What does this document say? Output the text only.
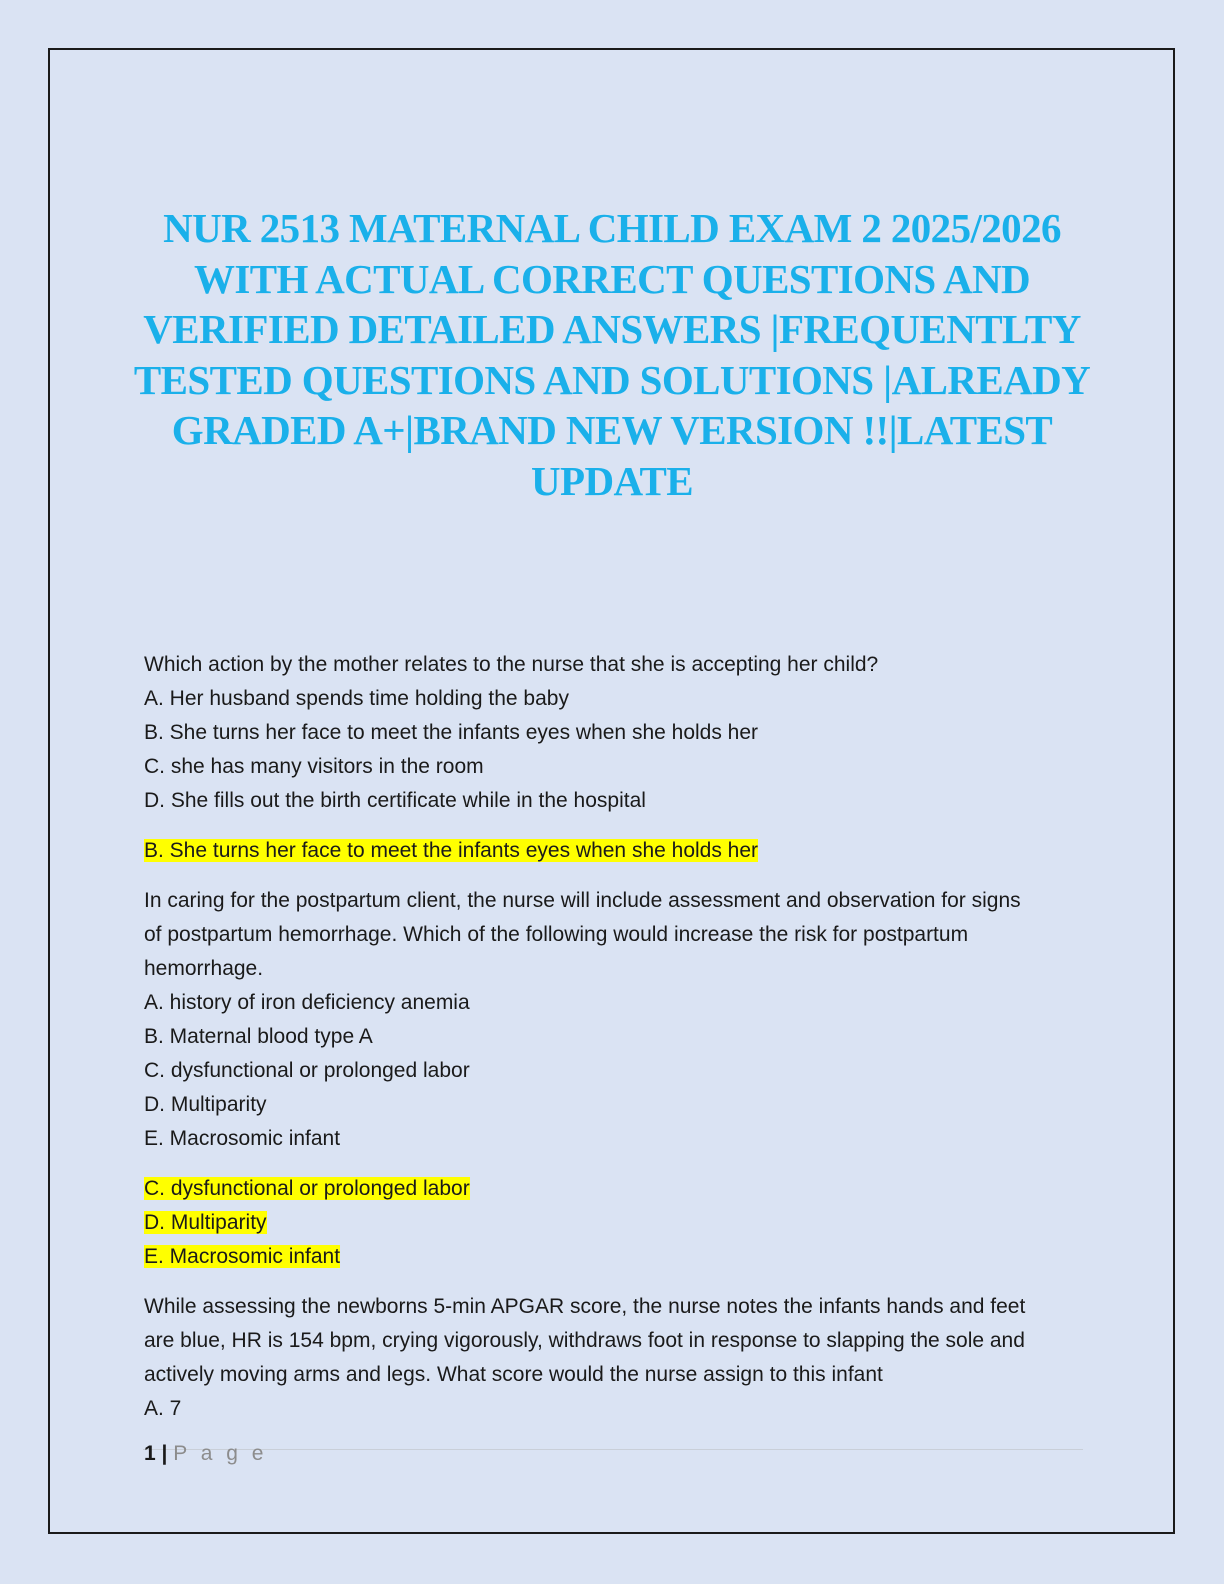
NUR 2513 MATERNAL CHILD EXAM 2 2025/2026 WITH ACTUAL CORRECT QUESTIONS AND VERIFIED DETAILED ANSWERS |FREQUENTLTY TESTED QUESTIONS AND SOLUTIONS |ALREADY GRADED A+|BRAND NEW VERSION !!|LATEST UPDATE
Which action by the mother relates to the nurse that she is accepting her child?
A. Her husband spends time holding the baby
B. She turns her face to meet the infants eyes when she holds her
C. she has many visitors in the room
D. She fills out the birth certificate while in the hospital
B. She turns her face to meet the infants eyes when she holds her
In caring for the postpartum client, the nurse will include assessment and observation for signs
of postpartum hemorrhage. Which of the following would increase the risk for postpartum
hemorrhage.
A. history of iron deficiency anemia
B. Maternal blood type A
C. dysfunctional or prolonged labor
D. Multiparity
E. Macrosomic infant
C. dysfunctional or prolonged labor
D. Multiparity
E. Macrosomic infant
While assessing the newborns 5-min APGAR score, the nurse notes the infants hands and feet
are blue, HR is 154 bpm, crying vigorously, withdraws foot in response to slapping the sole and
actively moving arms and legs. What score would the nurse assign to this infant
A. 7
1 | P a g e
